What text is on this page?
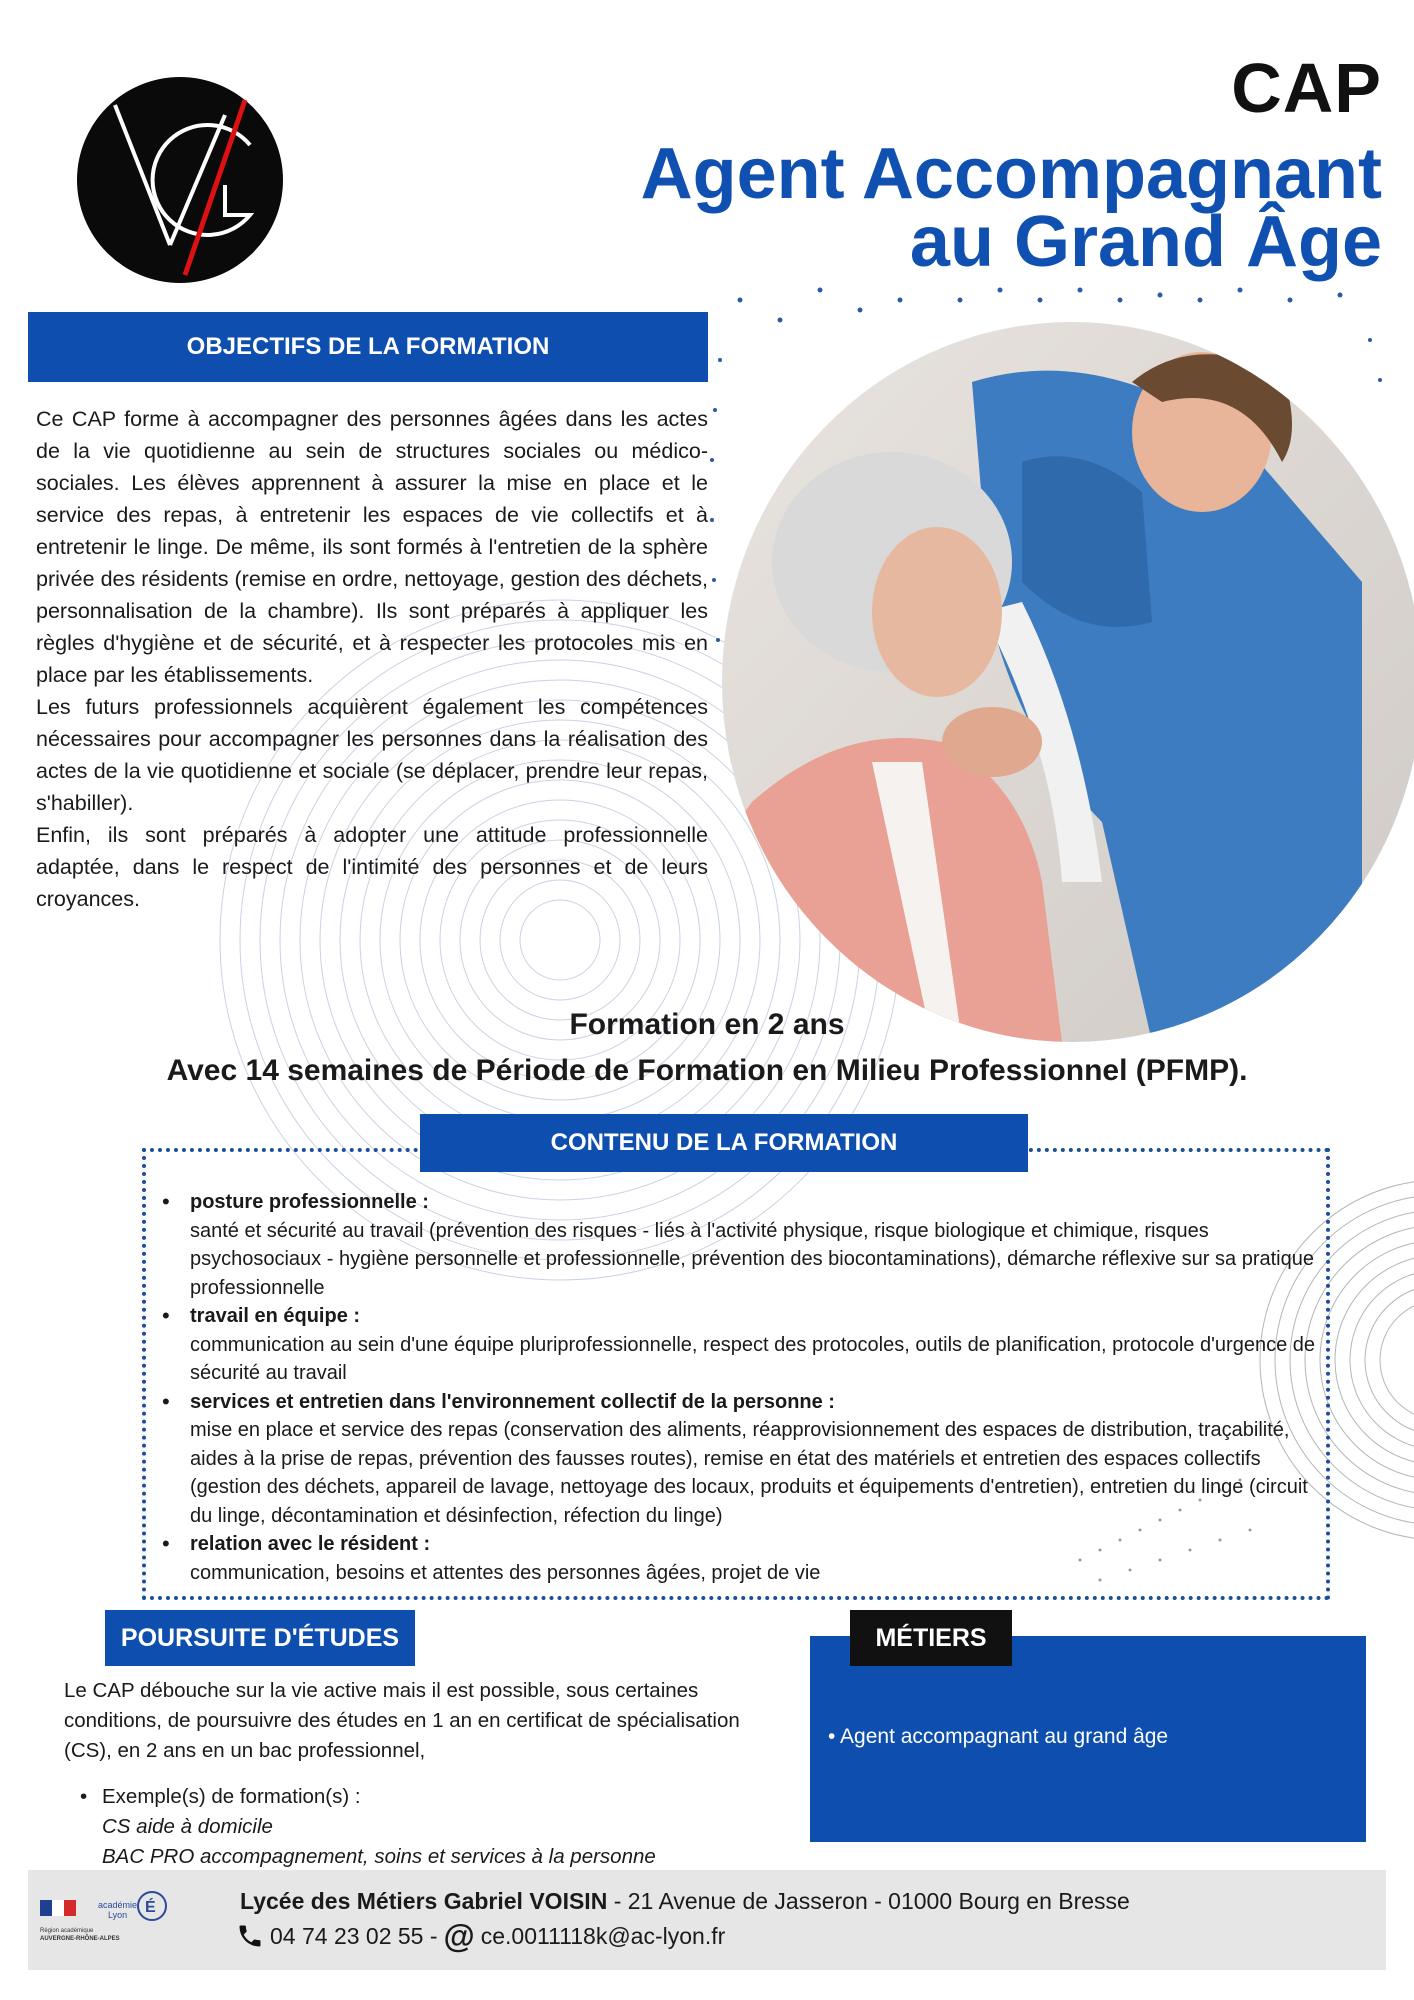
CAP
Agent Accompagnant
au Grand Âge
OBJECTIFS DE LA FORMATION

Ce CAP forme à accompagner des personnes âgées dans les actes de la vie quotidienne au sein de structures sociales ou médico-sociales. Les élèves apprennent à assurer la mise en place et le service des repas, à entretenir les espaces de vie collectifs et à entretenir le linge. De même, ils sont formés à l'entretien de la sphère privée des résidents (remise en ordre, nettoyage, gestion des déchets, personnalisation de la chambre). Ils sont préparés à appliquer les règles d'hygiène et de sécurité, et à respecter les protocoles mis en place par les établissements.

Les futurs professionnels acquièrent également les compétences nécessaires pour accompagner les personnes dans la réalisation des actes de la vie quotidienne et sociale (se déplacer, prendre leur repas, s'habiller).

Enfin, ils sont préparés à adopter une attitude professionnelle adaptée, dans le respect de l'intimité des personnes et de leurs croyances.

Formation en 2 ans
Avec 14 semaines de Période de Formation en Milieu Professionnel (PFMP).
CONTENU DE LA FORMATION
• posture professionnelle :
santé et sécurité au travail (prévention des risques - liés à l'activité physique, risque biologique et chimique, risques psychosociaux - hygiène personnelle et professionnelle, prévention des biocontaminations), démarche réflexive sur sa pratique professionnelle
• travail en équipe :
communication au sein d'une équipe pluriprofessionnelle, respect des protocoles, outils de planification, protocole d'urgence de sécurité au travail
• services et entretien dans l'environnement collectif de la personne :
mise en place et service des repas (conservation des aliments, réapprovisionnement des espaces de distribution, traçabilité, aides à la prise de repas, prévention des fausses routes), remise en état des matériels et entretien des espaces collectifs (gestion des déchets, appareil de lavage, nettoyage des locaux, produits et équipements d'entretien), entretien du linge (circuit du linge, décontamination et désinfection, réfection du linge)
• relation avec le résident :
communication, besoins et attentes des personnes âgées, projet de vie
POURSUITE D'ÉTUDES

Le CAP débouche sur la vie active mais il est possible, sous certaines conditions, de poursuivre des études en 1 an en certificat de spécialisation (CS), en 2 ans en un bac professionnel,

• Exemple(s) de formation(s) :
CS aide à domicile
BAC PRO accompagnement, soins et services à la personne
MÉTIERS
• Agent accompagnant au grand âge
Région académique
AUVERGNE-RHÔNE-ALPES
académie
Lyon É	Lycée des Métiers Gabriel VOISIN - 21 Avenue de Jasseron - 01000 Bourg en Bresse
04 74 23 02 55 - @ ce.0011118k@ac-lyon.fr
